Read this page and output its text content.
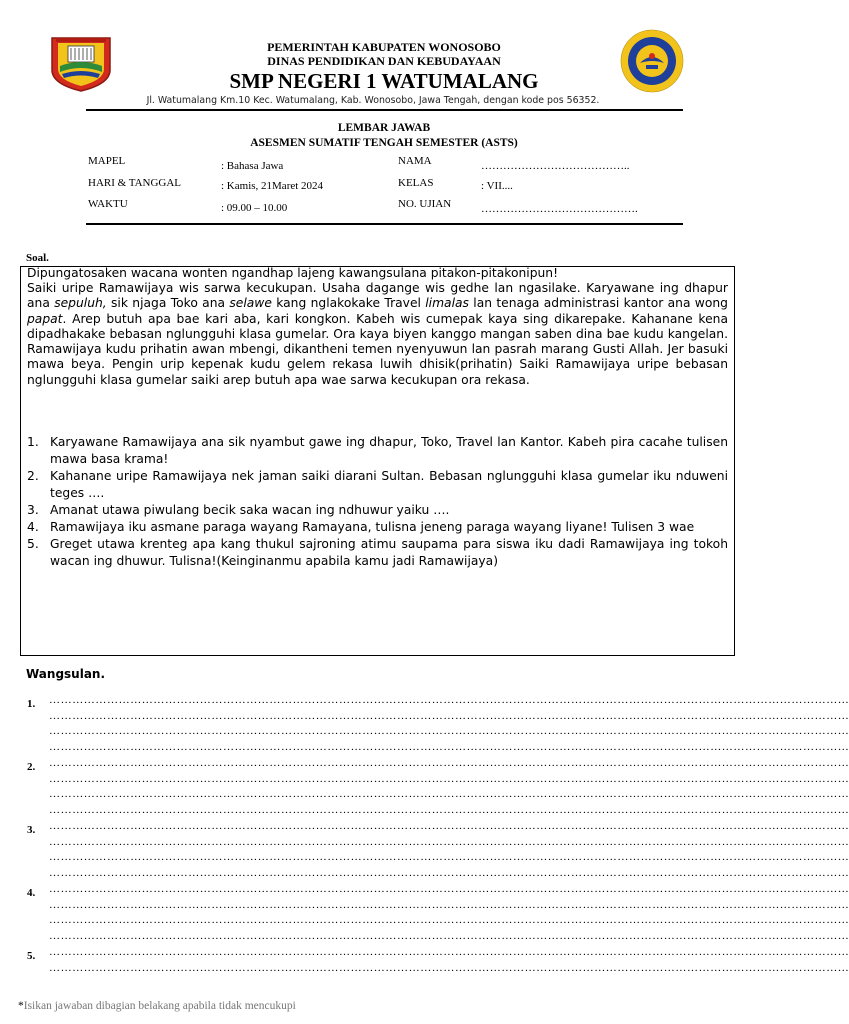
PEMERINTAH KABUPATEN WONOSOBO
DINAS PENDIDIKAN DAN KEBUDAYAAN
SMP NEGERI 1 WATUMALANG
Jl. Watumalang Km.10 Kec. Watumalang, Kab. Wonosobo, Jawa Tengah, dengan kode pos 56352.
LEMBAR JAWAB
ASESMEN SUMATIF TENGAH SEMESTER (ASTS)
MAPEL	: Bahasa Jawa
HARI & TANGGAL	: Kamis, 21Maret 2024
WAKTU	: 09.00 – 10.00
NAMA	…………………………………..
KELAS	: VII....
NO. UJIAN	…………………………………….
Soal.
Dipungatosaken wacana wonten ngandhap lajeng kawangsulana pitakon-pitakonipun!
Saiki uripe Ramawijaya wis sarwa kecukupan. Usaha dagange wis gedhe lan ngasilake. Karyawane ing dhapur ana sepuluh, sik njaga Toko ana selawe kang nglakokake Travel limalas lan tenaga administrasi kantor ana wong papat. Arep butuh apa bae kari aba, kari kongkon. Kabeh wis cumepak kaya sing dikarepake. Kahanane kena dipadhakake bebasan nglungguhi klasa gumelar. Ora kaya biyen kanggo mangan saben dina bae kudu kangelan. Ramawijaya kudu prihatin awan mbengi, dikantheni temen nyenyuwun lan pasrah marang Gusti Allah. Jer basuki mawa beya. Pengin urip kepenak kudu gelem rekasa luwih dhisik(prihatin) Saiki Ramawijaya uripe bebasan nglungguhi klasa gumelar saiki arep butuh apa wae sarwa kecukupan ora rekasa.
1. Karyawane Ramawijaya ana sik nyambut gawe ing dhapur, Toko, Travel lan Kantor. Kabeh pira cacahe tulisen mawa basa krama!
2. Kahanane uripe Ramawijaya nek jaman saiki diarani Sultan. Bebasan nglungguhi klasa gumelar iku nduweni teges ….
3. Amanat utawa piwulang becik saka wacan ing ndhuwur yaiku ….
4. Ramawijaya iku asmane paraga wayang Ramayana, tulisna jeneng paraga wayang liyane! Tulisen 3 wae
5. Greget utawa krenteg apa kang thukul sajroning atimu saupama para siswa iku dadi Ramawijaya ing tokoh wacan ing dhuwur. Tulisna!(Keinginanmu apabila kamu jadi Ramawijaya)
Wangsulan.
1. ………………………………………………………………………………………………………………………………………………………………………………………
………………………………………………………………………………………………………………………………………………………………………………………
………………………………………………………………………………………………………………………………………………………………………………………
………………………………………………………………………………………………………………………………………………………………………………………
2. ………………………………………………………………………………………………………………………………………………………………………………………
………………………………………………………………………………………………………………………………………………………………………………………
………………………………………………………………………………………………………………………………………………………………………………………
………………………………………………………………………………………………………………………………………………………………………………………
3. ………………………………………………………………………………………………………………………………………………………………………………………
………………………………………………………………………………………………………………………………………………………………………………………
………………………………………………………………………………………………………………………………………………………………………………………
………………………………………………………………………………………………………………………………………………………………………………………
4. ………………………………………………………………………………………………………………………………………………………………………………………
………………………………………………………………………………………………………………………………………………………………………………………
………………………………………………………………………………………………………………………………………………………………………………………
………………………………………………………………………………………………………………………………………………………………………………………
5. ………………………………………………………………………………………………………………………………………………………………………………………
………………………………………………………………………………………………………………………………………………………………………………………
*Isikan jawaban dibagian belakang apabila tidak mencukupi
